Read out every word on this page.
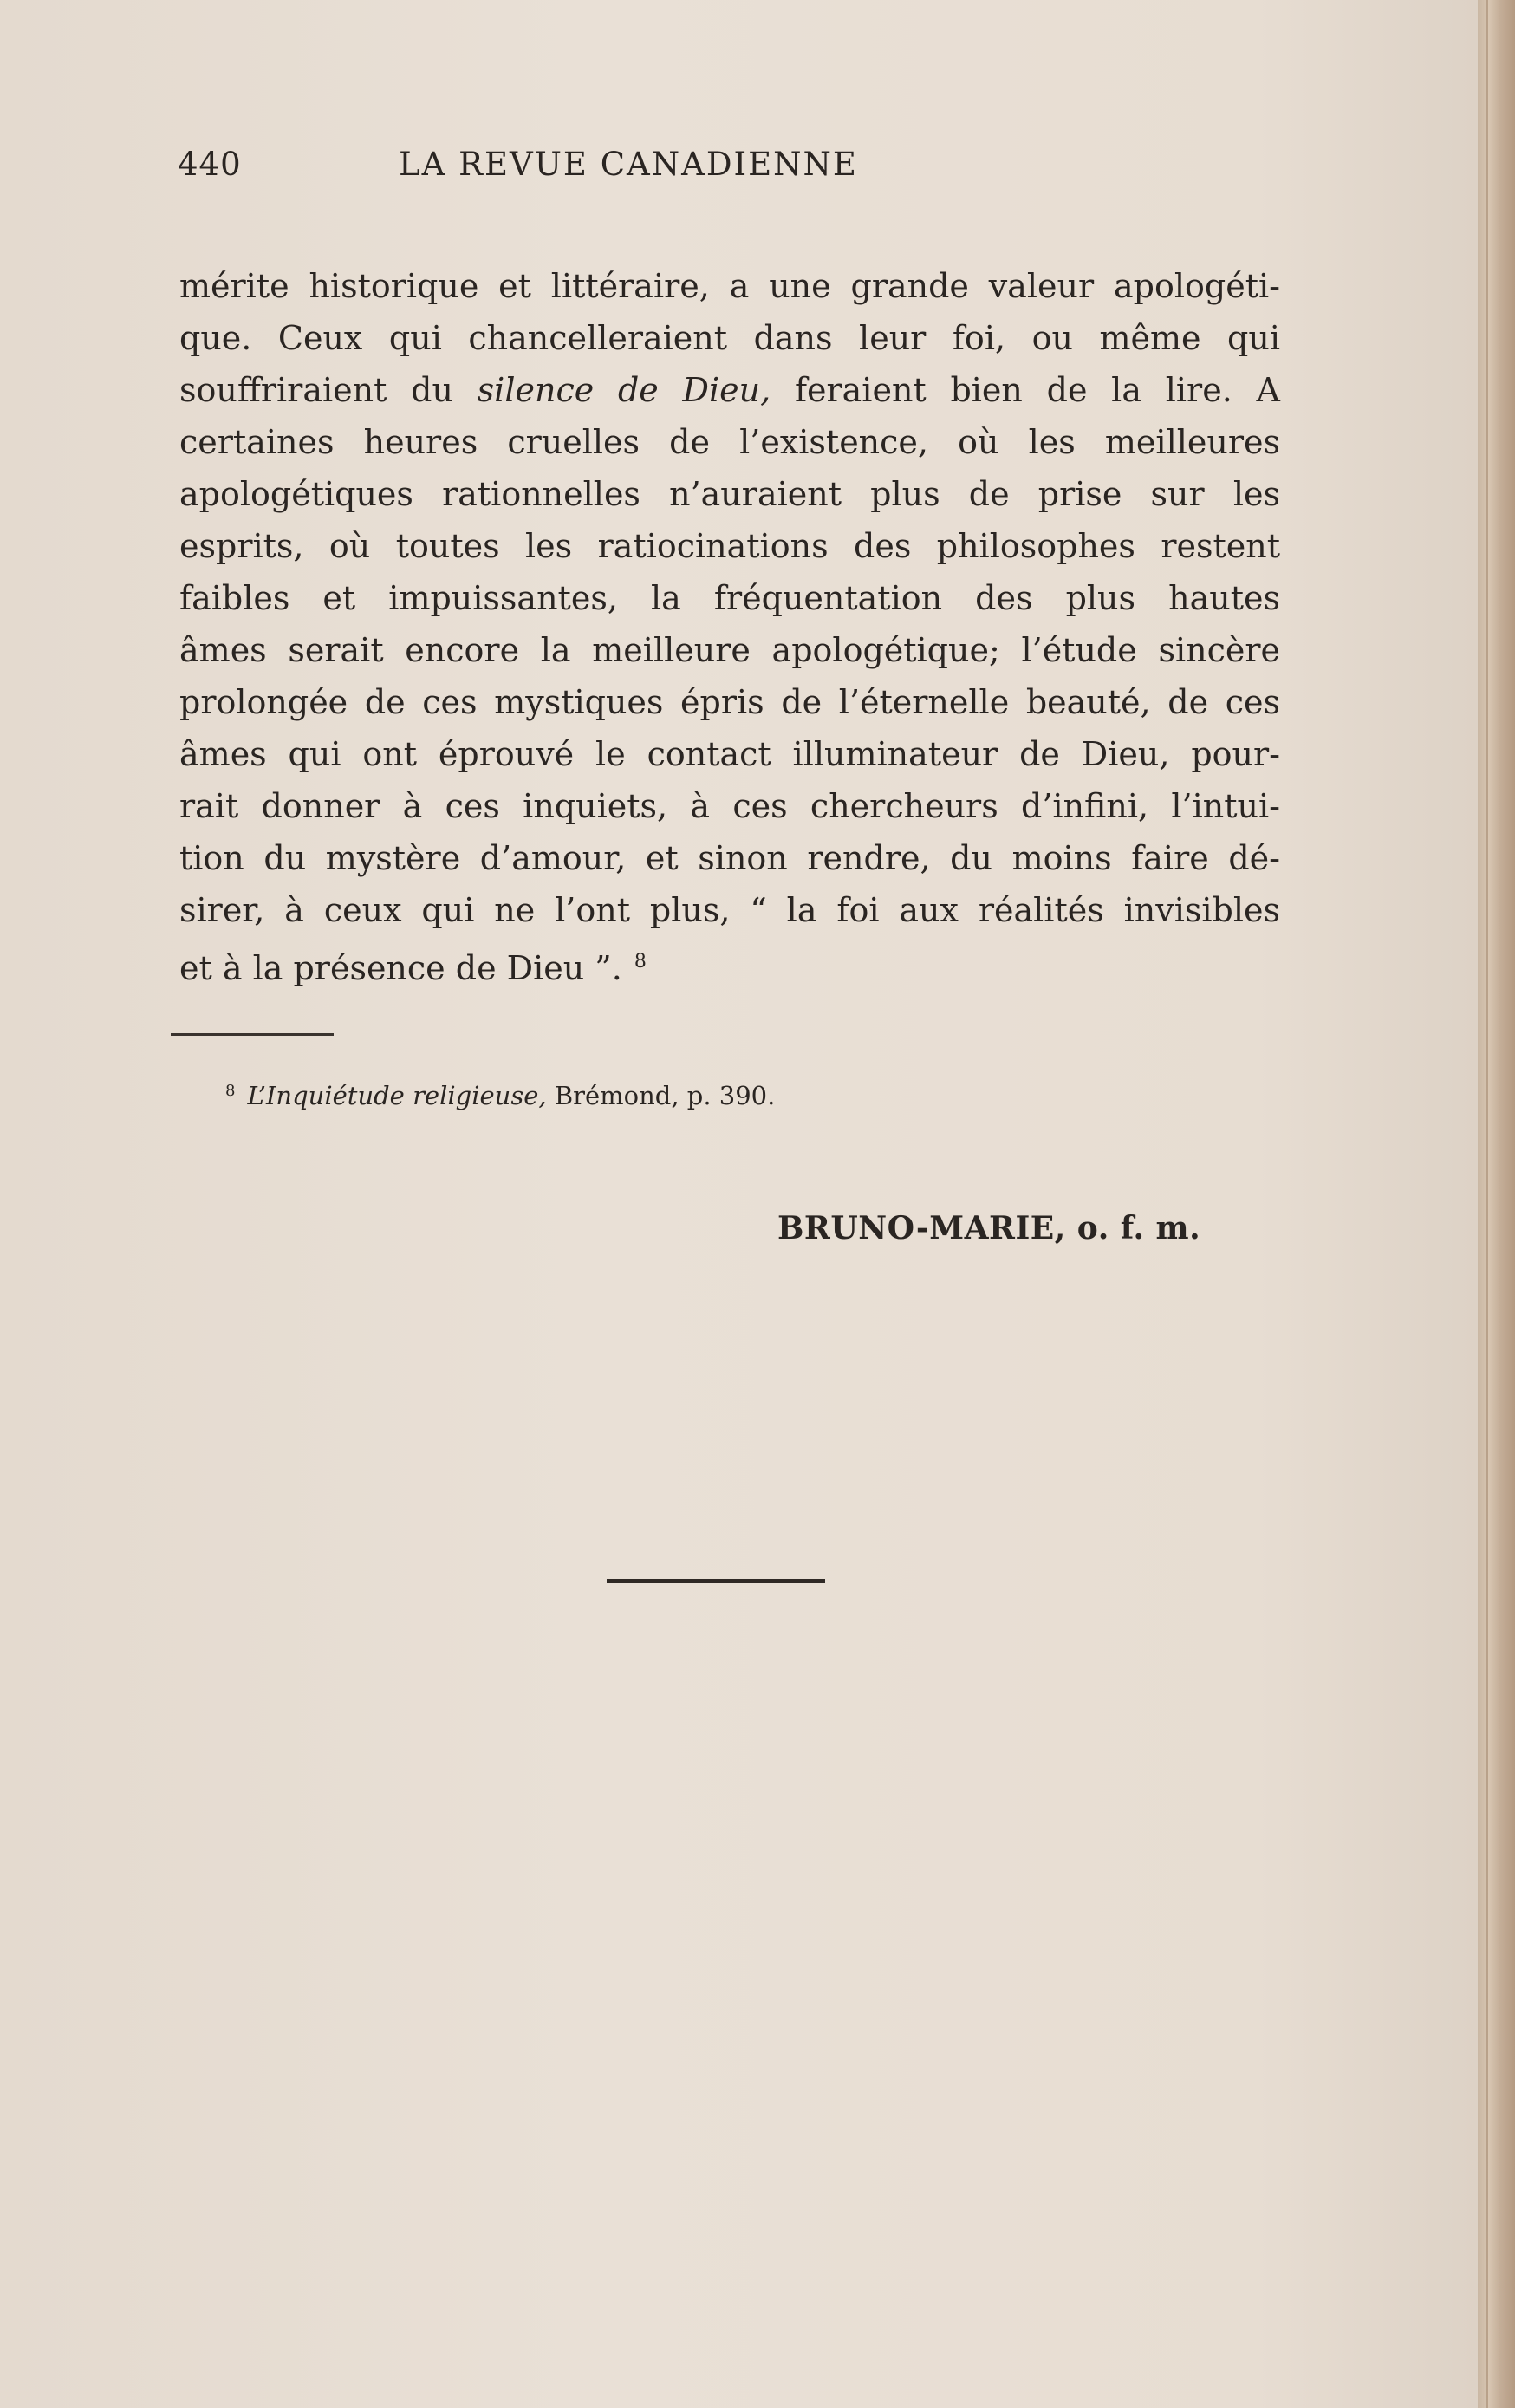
440	LA REVUE CANADIENNE
mérite historique et littéraire, a une grande valeur apologéti-
que. Ceux qui chancelleraient dans leur foi, ou même qui
souffriraient du silence de Dieu, feraient bien de la lire. A
certaines heures cruelles de l’existence, où les meilleures
apologétiques rationnelles n’auraient plus de prise sur les
esprits, où toutes les ratiocinations des philosophes restent
faibles et impuissantes, la fréquentation des plus hautes
âmes serait encore la meilleure apologétique; l’étude sincère
prolongée de ces mystiques épris de l’éternelle beauté, de ces
âmes qui ont éprouvé le contact illuminateur de Dieu, pour-
rait donner à ces inquiets, à ces chercheurs d’infini, l’intui-
tion du mystère d’amour, et sinon rendre, du moins faire dé-
sirer, à ceux qui ne l’ont plus, “ la foi aux réalités invisibles
et à la présence de Dieu ”. $^8$
$^8$ L’Inquiétude religieuse, Brémond, p. 390.
BRUNO-MARIE, o. f. m.
